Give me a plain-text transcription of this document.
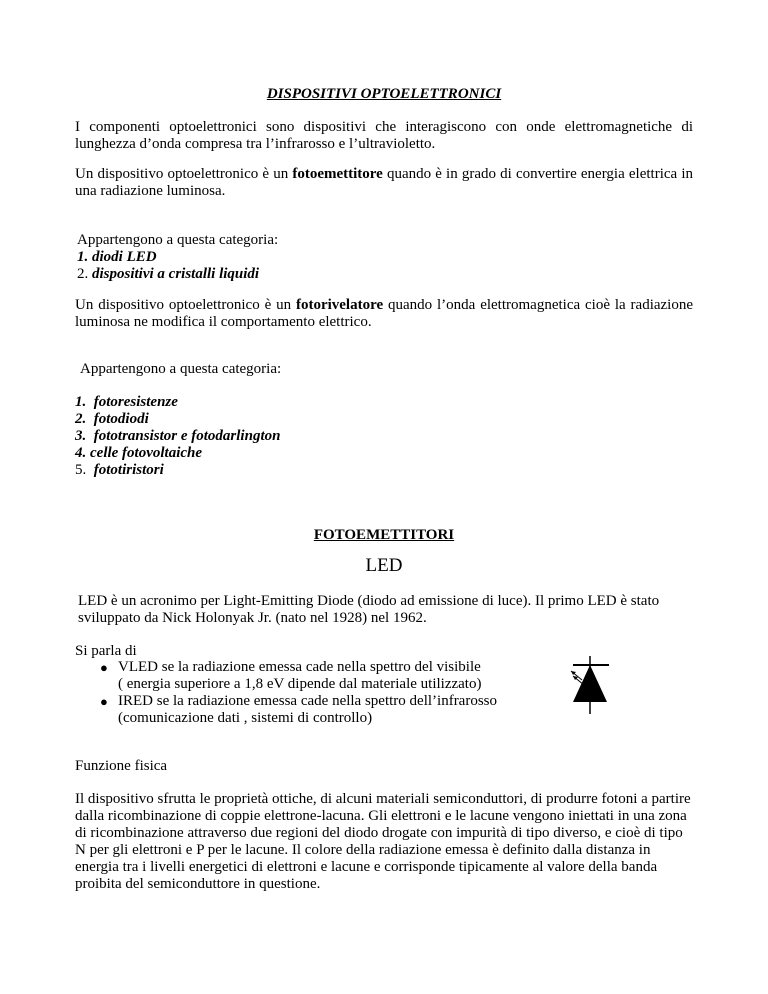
DISPOSITIVI OPTOELETTRONICI
I componenti optoelettronici sono dispositivi che interagiscono con onde elettromagnetiche di lunghezza d’onda compresa tra l’infrarosso e l’ultravioletto.
Un dispositivo optoelettronico è un fotoemettitore quando è in grado di convertire energia elettrica in una radiazione luminosa.
Appartengono a questa categoria:
1. diodi LED
2. dispositivi a cristalli liquidi
Un dispositivo optoelettronico è un fotorivelatore quando l’onda elettromagnetica cioè la radiazione luminosa ne modifica il comportamento elettrico.
Appartengono a questa categoria:
1. fotoresistenze
2. fotodiodi
3. fototransistor e fotodarlington
4. celle fotovoltaiche
5. fototiristori
FOTOEMETTITORI
LED
LED è un acronimo per Light-Emitting Diode (diodo ad emissione di luce). Il primo LED è stato sviluppato da Nick Holonyak Jr. (nato nel 1928) nel 1962.
Si parla di
● VLED se la radiazione emessa cade nella spettro del visibile
( energia superiore a 1,8 eV dipende dal materiale utilizzato)
● IRED se la radiazione emessa cade nella spettro dell’infrarosso
(comunicazione dati , sistemi di controllo)
Funzione fisica
Il dispositivo sfrutta le proprietà ottiche, di alcuni materiali semiconduttori, di produrre fotoni a partire dalla ricombinazione di coppie elettrone-lacuna. Gli elettroni e le lacune vengono iniettati in una zona di ricombinazione attraverso due regioni del diodo drogate con impurità di tipo diverso, e cioè di tipo N per gli elettroni e P per le lacune. Il colore della radiazione emessa è definito dalla distanza in energia tra i livelli energetici di elettroni e lacune e corrisponde tipicamente al valore della banda proibita del semiconduttore in questione.
